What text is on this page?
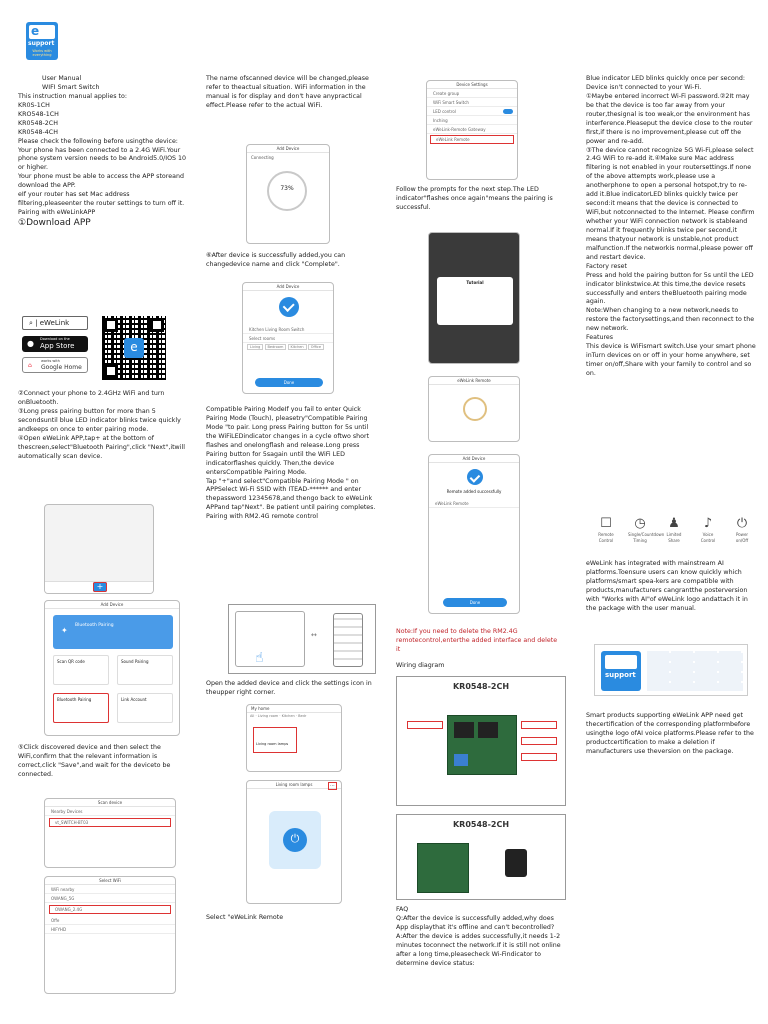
e
support
Works with everything

User Manual

WIFI Smart Switch

This instruction manual applies to:

KR0S-1CH

KRO548-1CH

KR0548-2CH

KR0548-4CH

Please check the following before usingthe device:

Your phone has been connected to a 2.4G WiFi.Your phone system version needs to be Android5.0/IOS 10 or higher.

Your phone must be able to access the APP storeand download the APP.

eIf your router has set Mac address filtering,pleaseenter the router settings to turn off it.

Pairing with eWeLinkAPP

①Download APP

⌕ | eWeLink
● Download on the
App Store
⌂
works with
Google Home
e

②Connect your phone to 2.4GHz WiFi and turn onBluetooth.

③Long press pairing button for more than 5 secondsuntil blue LED indicator blinks twice quickly andkeeps on once to enter pairing mode.

④Open eWeLink APP,tap+ at the bottom of thescreen,select"Bluetooth Pairing",click "Next",itwill automatically scan device.

+
Add Device
✦
Bluetooth Pairing
Scan QR code	Sound Pairing
Bluetooth Pairing	Link Account

⑤Click discovered device and then select the WiFi,confirm that the relevant information is correct,click "Save",and wait for the deviceto be connected.

Scan device
Nearby Devices
vt_SWITCH-BT03
Select WiFi
WiFi nearby
OWANG_5G
OWANG_2.4G
Offe
HIFYHD

The name ofscanned device will be changed,please refer to theactual situation. WiFi information in the manual is for display and don't have anypractical effect.Please refer to the actual WiFi.

Add Device
Connecting
73%

⑥After device is successfully added,you can changedevice name and click "Complete".

Add Device
Kitchen Living Room Switch
Select rooms
Living Bedroom Kitchen Office
Done

Compatible Pairing ModeIf you fail to enter Quick Pairing Mode (Touch), pleasetry"Compatible Pairing Mode "to pair. Long press Pairing button for 5s until the WiFiLEDindicator changes in a cycle oftwo short flashes and onelongflash and release.Long press Pairing button for 5sagain until the WiFi LED indicatorflashes quickly. Then,the device entersCompatible Pairing Mode.

Tap "+"and select"Compatible Pairing Mode " on APPSelect Wi-Fi SSID with ITEAD-****** and enter thepassword 12345678,and thengo back to eWeLink APPand tap"Next". Be patient until pairing completes.

Pairing with RM2.4G remote control

☝
↔

Open the added device and click the settings icon in theupper right corner.

My home
All · Living room · Kitchen · Bedr
Living room lamps
Living room lamps	⋯
⏻

Select "eWeLink Remote

Device Settings
Create group
WiFi Smart Switch
LED control
Inching
eWeLink-Remote Gateway
eWeLink Remote

Follow the prompts for the next step.The LED indicator"flashes once again"means the pairing is successful.

Tutorial
eWeLink Remote
Add Device
Remote added successfully
eWeLink Remote
Done

Note:If you need to delete the RM2.4G remotecontrol,enterthe added interface and delete it

Wiring diagram

KR0548-2CH
KR0548-2CH

FAQ

Q:After the device is successfully added,why does App displaythat it's offline and can't becontrolled?

A:After the device is addes successfully,it needs 1-2 minutes toconnect the network.If it is still not online after a long time,pleasecheck Wi-Findicator to determine device status:

Blue indicator LED blinks quickly once per second:

Device isn't connected to your Wi-Fi.

①Maybe entered incorrect Wi-Fi password.②2It may be that the device is too far away from your router,thesignal is too weak,or the environment has interference.Pleaseput the device close to the router first,if there is no improvement,please cut off the power and re-add.

③The device cannot recognize 5G Wi-Fi,please select 2.4G WiFi to re-add it.④Make sure Mac address filtering is not enabled in your routersettings.If none of the above attempts work,please use a anotherphone to open a personal hotspot,try to re-add it.Blue indicatorLED blinks quickly twice per second:it means that the device is connected to WiFi,but notconnected to the Internet. Please confirm whether your WiFi connection network is stableand normal.If it frequently blinks twice per second,it means thatyour network is unstable,not product malfunction.If the networkis normal,please power off and restart device.

Factory reset

Press and hold the pairing button for 5s until the LED indicator blinkstwice.At this time,the device resets successfully and enters theBluetooth pairing mode again.

Note:When changing to a new network,needs to restore the factorysettings,and then reconnect to the new network.

Features

This device is WiFismart switch.Use your smart phone inTurn devices on or off in your home anywhere, set timer on/off,Share with your family to control and so on.

☐
Remote Control
◷
Single/Countdown Timing
♟
Limited Share
♪
Voice Control
⏻
Power on/Off

eWeLink has integrated with mainstream AI platforms.Toensure users can know quickly which platforms/smart spea-kers are compatible with products,manufacturers cangrantthe posterversion with "Works with AI"of eWeLink logo andattach it in the package with the user manual.

support

Smart products supporting eWeLink APP need get thecertification of the corresponding platformbefore usingthe logo ofAI voice platforms.Please refer to the productcertification to make a deletion if manufacturers use theversion on the package.
